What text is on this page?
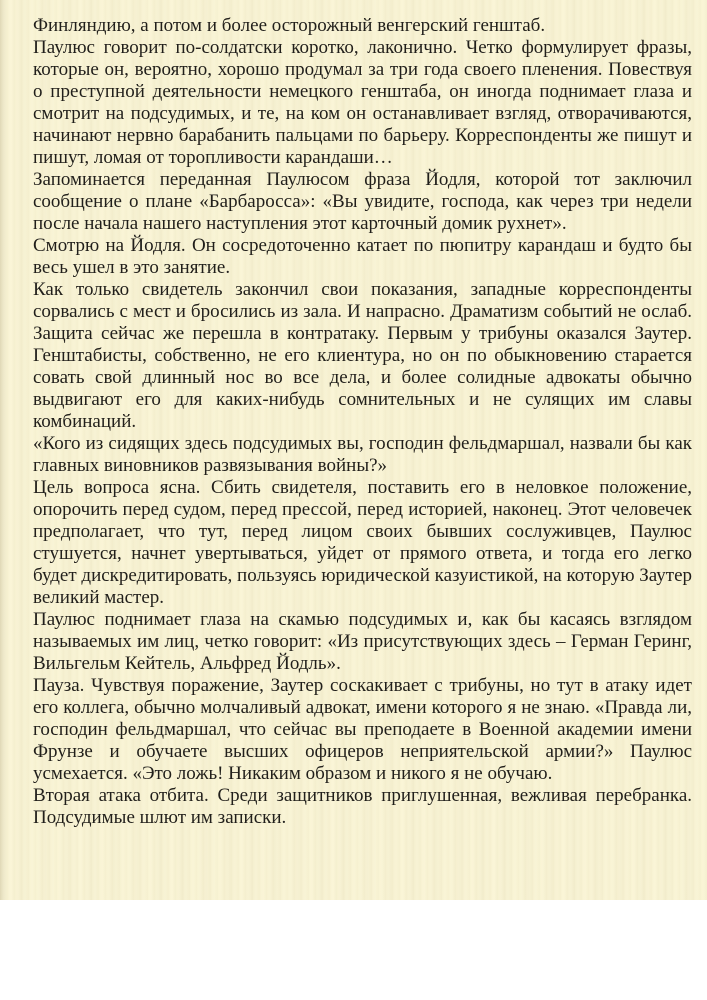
Финляндию, а потом и более осторожный венгерский генштаб.

Паулюс говорит по-солдатски коротко, лаконично. Четко формулирует фразы, которые он, вероятно, хорошо продумал за три года своего пленения. Повествуя о преступной деятельности немецкого генштаба, он иногда поднимает глаза и смотрит на подсудимых, и те, на ком он останавливает взгляд, отворачиваются, начинают нервно барабанить пальцами по барьеру. Корреспонденты же пишут и пишут, ломая от торопливости карандаши…

Запоминается переданная Паулюсом фраза Йодля, которой тот заключил сообщение о плане «Барбаросса»: «Вы увидите, господа, как через три недели после начала нашего наступления этот карточный домик рухнет».

Смотрю на Йодля. Он сосредоточенно катает по пюпитру карандаш и будто бы весь ушел в это занятие.

Как только свидетель закончил свои показания, западные корреспонденты сорвались с мест и бросились из зала. И напрасно. Драматизм событий не ослаб. Защита сейчас же перешла в контратаку. Первым у трибуны оказался Заутер. Генштабисты, собственно, не его клиентура, но он по обыкновению старается совать свой длинный нос во все дела, и более солидные адвокаты обычно выдвигают его для каких-нибудь сомнительных и не сулящих им славы комбинаций.

«Кого из сидящих здесь подсудимых вы, господин фельдмаршал, назвали бы как главных виновников развязывания войны?»

Цель вопроса ясна. Сбить свидетеля, поставить его в неловкое положение, опорочить перед судом, перед прессой, перед историей, наконец. Этот человечек предполагает, что тут, перед лицом своих бывших сослуживцев, Паулюс стушуется, начнет увертываться, уйдет от прямого ответа, и тогда его легко будет дискредитировать, пользуясь юридической казуистикой, на которую Заутер великий мастер.

Паулюс поднимает глаза на скамью подсудимых и, как бы касаясь взглядом называемых им лиц, четко говорит: «Из присутствующих здесь – Герман Геринг, Вильгельм Кейтель, Альфред Йодль».

Пауза. Чувствуя поражение, Заутер соскакивает с трибуны, но тут в атаку идет его коллега, обычно молчаливый адвокат, имени которого я не знаю. «Правда ли, господин фельдмаршал, что сейчас вы преподаете в Военной академии имени Фрунзе и обучаете высших офицеров неприятельской армии?» Паулюс усмехается. «Это ложь! Никаким образом и никого я не обучаю.

Вторая атака отбита. Среди защитников приглушенная, вежливая перебранка. Подсудимые шлют им записки.
